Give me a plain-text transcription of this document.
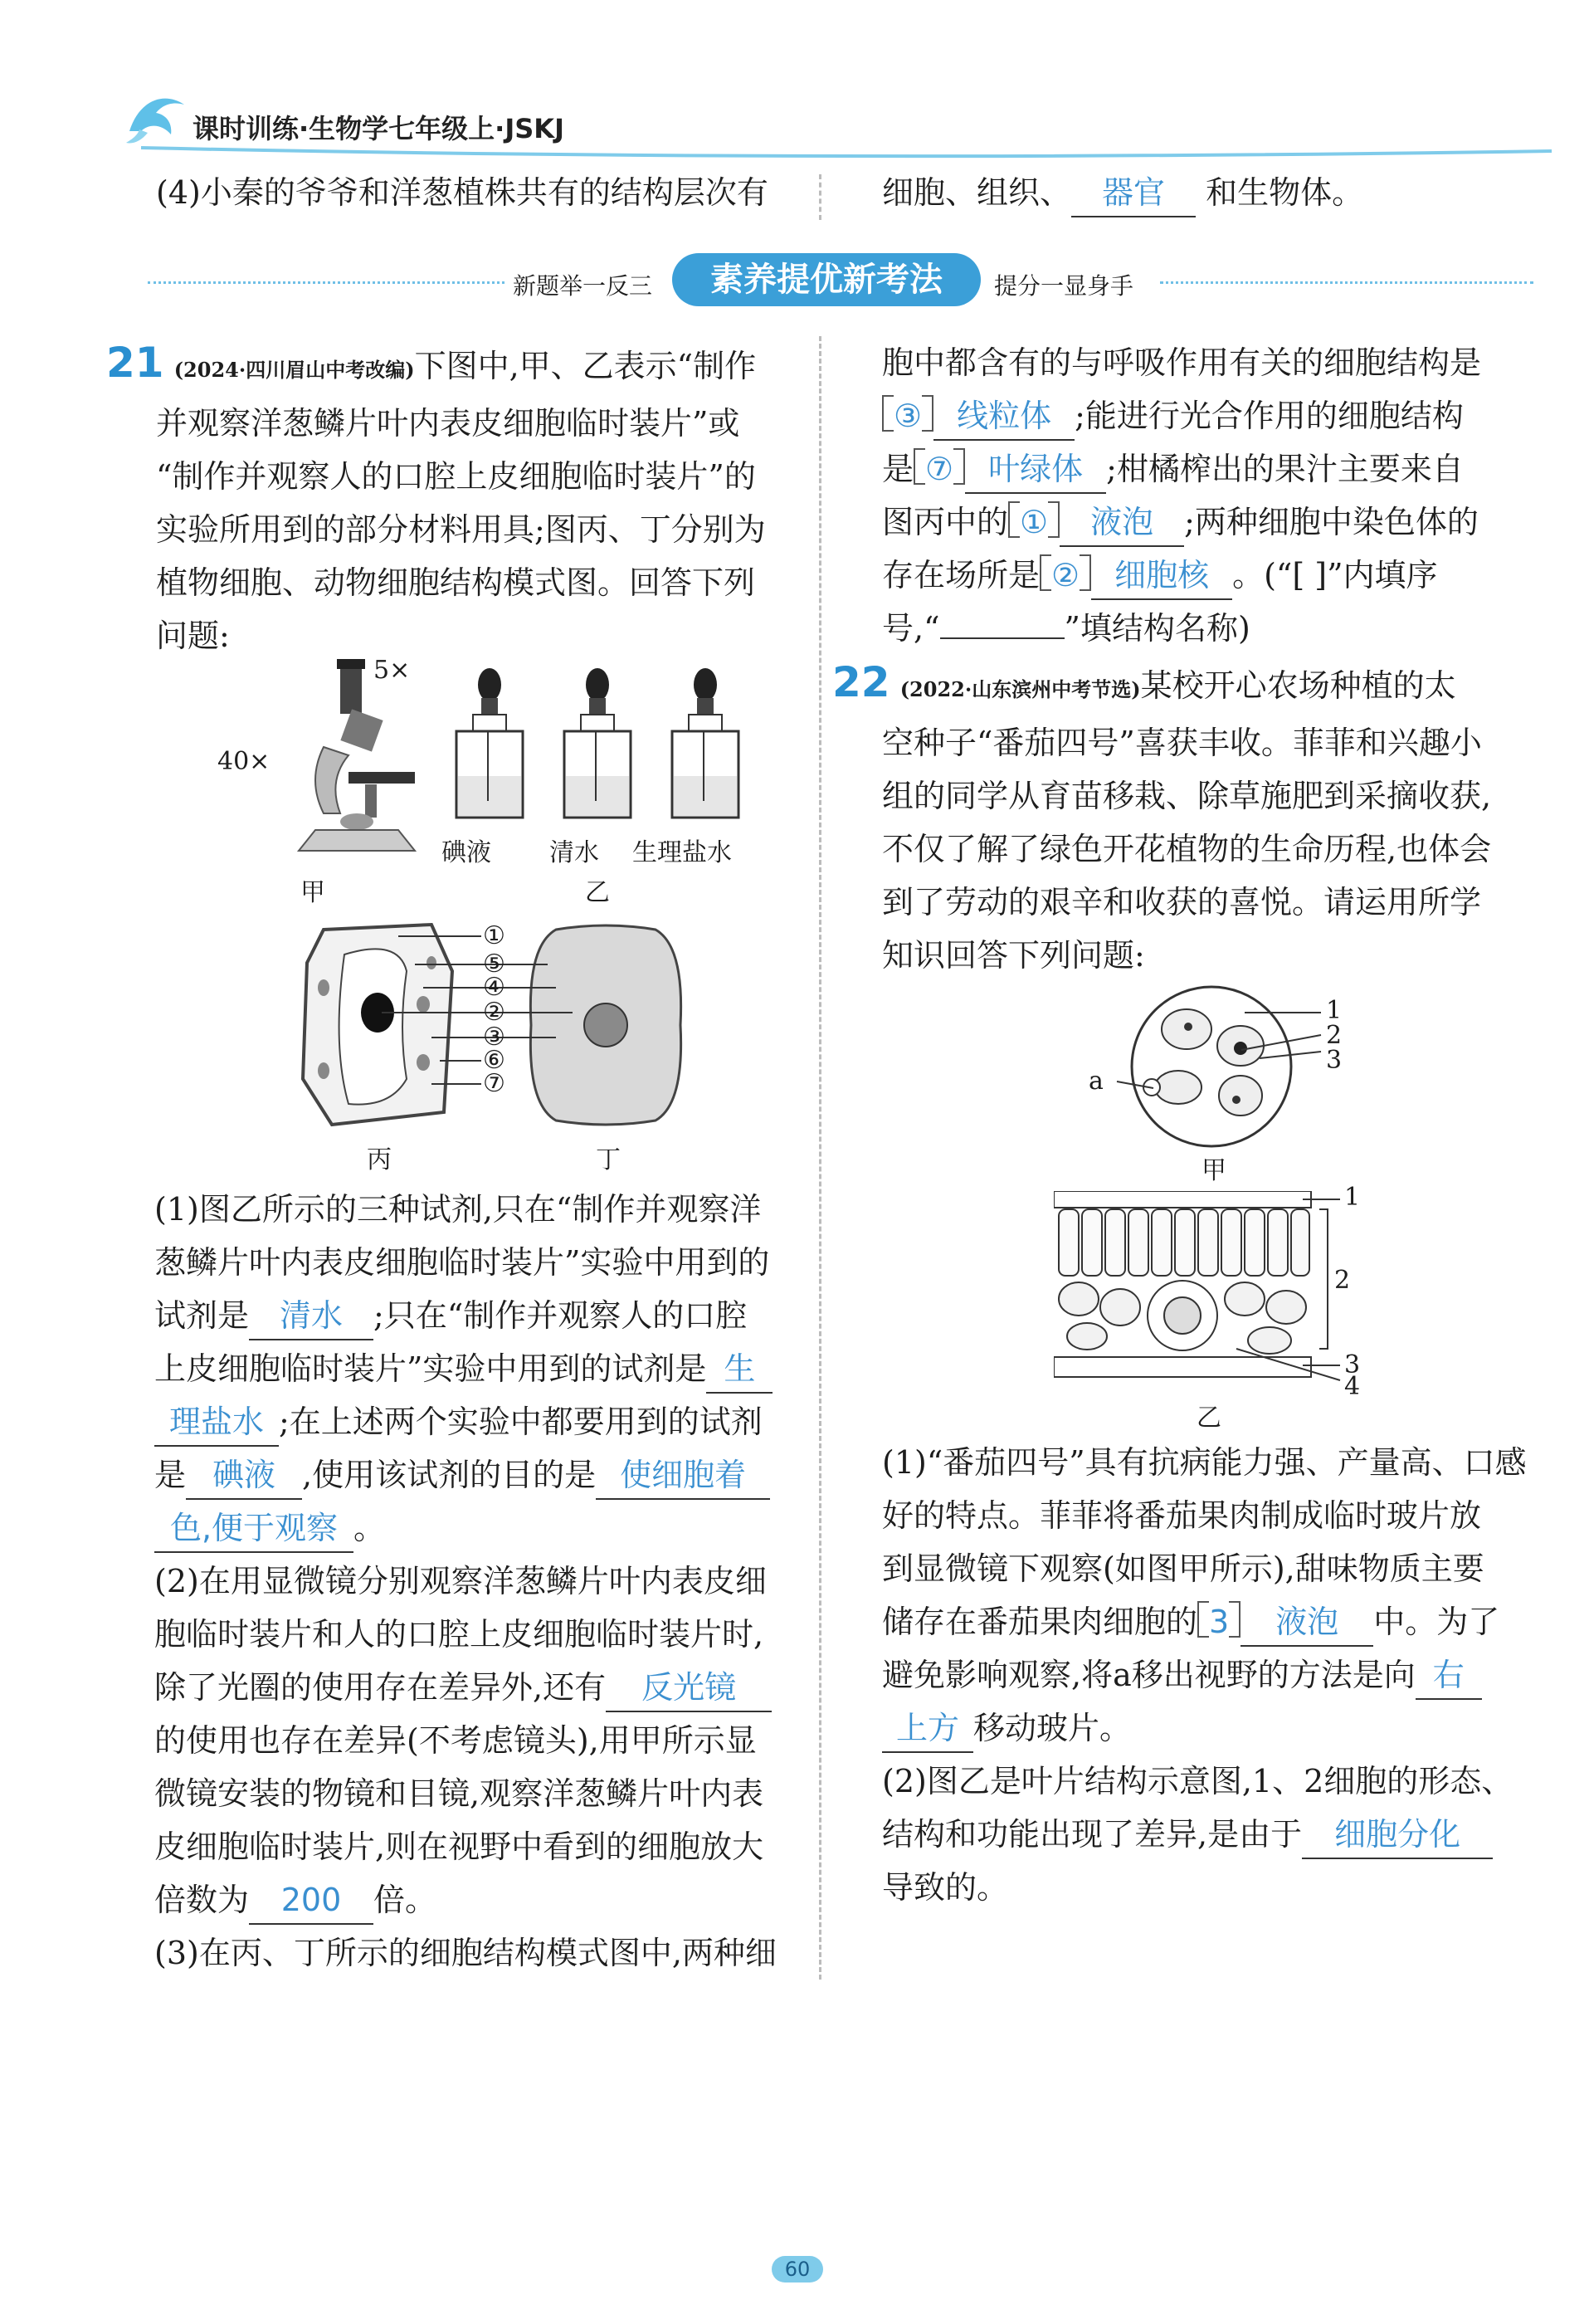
课时训练·生物学七年级上·JSKJ
(4)小秦的爷爷和洋葱植株共有的结构层次有	细胞、组织、 器官 和生物体。
新题举一反三	素养提优新考法	提分一显身手
21 (2024·四川眉山中考改编)下图中,甲、乙表示“制作
并观察洋葱鳞片叶内表皮细胞临时装片”或
“制作并观察人的口腔上皮细胞临时装片”的
实验所用到的部分材料用具;图丙、丁分别为
植物细胞、动物细胞结构模式图。回答下列
问题:
5×
40×
碘液 清水 生理盐水
甲	乙
①
⑤
④
②
③
⑥
⑦
丙	丁
(1)图乙所示的三种试剂,只在“制作并观察洋
葱鳞片叶内表皮细胞临时装片”实验中用到的
试剂是 清水 ;只在“制作并观察人的口腔
上皮细胞临时装片”实验中用到的试剂是 生
理盐水 ;在上述两个实验中都要用到的试剂
是 碘液 ,使用该试剂的目的是 使细胞着
色,便于观察 。
(2)在用显微镜分别观察洋葱鳞片叶内表皮细
胞临时装片和人的口腔上皮细胞临时装片时,
除了光圈的使用存在差异外,还有 反光镜
的使用也存在差异(不考虑镜头),用甲所示显
微镜安装的物镜和目镜,观察洋葱鳞片叶内表
皮细胞临时装片,则在视野中看到的细胞放大
倍数为 200 倍。
(3)在丙、丁所示的细胞结构模式图中,两种细
胞中都含有的与呼吸作用有关的细胞结构是
③ 线粒体 ;能进行光合作用的细胞结构
是 ⑦ 叶绿体 ;柑橘榨出的果汁主要来自
图丙中的 ① 液泡 ;两种细胞中染色体的
存在场所是 ② 细胞核 。(“[ ]”内填序
号,“	”填结构名称)
22 (2022·山东滨州中考节选)某校开心农场种植的太
空种子“番茄四号”喜获丰收。菲菲和兴趣小
组的同学从育苗移栽、除草施肥到采摘收获,
不仅了解了绿色开花植物的生命历程,也体会
到了劳动的艰辛和收获的喜悦。请运用所学
知识回答下列问题:
1
2
3
a
甲
1
2
3
4
乙
(1)“番茄四号”具有抗病能力强、产量高、口感
好的特点。菲菲将番茄果肉制成临时玻片放
到显微镜下观察(如图甲所示),甜味物质主要
储存在番茄果肉细胞的 3 液泡 中。为了
避免影响观察,将a移出视野的方法是向 右
上方 移动玻片。
(2)图乙是叶片结构示意图,1、2细胞的形态、
结构和功能出现了差异,是由于 细胞分化
导致的。
60
